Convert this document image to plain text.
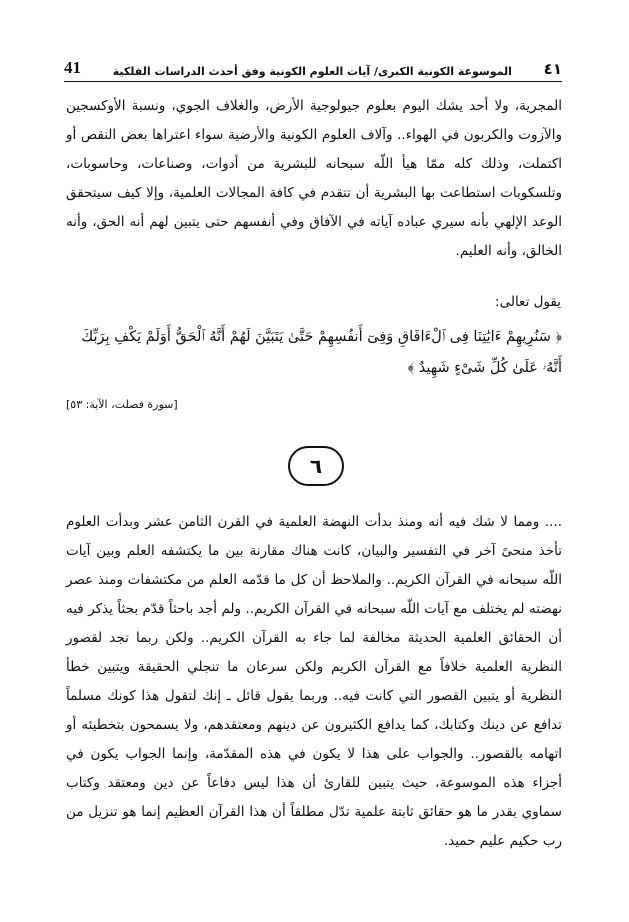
41	الموسوعة الكونية الكبرى/ آيات العلوم الكونية وفق أحدث الدراسات الفلكية ٤١

المجرية، ولا أحد يشك اليوم بعلوم جيولوجية الأرض، والغلاف الجوي، ونسبة الأوكسجين والآزوت والكربون في الهواء.. وآلاف العلوم الكونية والأرضية سواء اعتراها بعض النقص أو اكتملت، وذلك كله ممّا هيأ اللّه سبحانه للبشرية من أدوات، وصناعات، وحاسوبات، وتلسكوبات استطاعت بها البشرية أن تتقدم في كافة المجالات العلمية، وإلا كيف سيتحقق الوعد الإلهي بأنه سيري عباده آياته في الآفاق وفي أنفسهم حتى يتبين لهم أنه الحق، وأنه الخالق، وأنه العليم.

يقول تعالى:

﴿ سَنُرِيهِمْ ءَايَٰتِنَا فِى ٱلْءَافَاقِ وَفِىٓ أَنفُسِهِمْ حَتَّىٰ يَتَبَيَّنَ لَهُمْ أَنَّهُ ٱلْحَقُّ أَوَلَمْ يَكْفِ بِرَبِّكَ أَنَّهُۥ عَلَىٰ كُلِّ شَىْءٍ شَهِيدٌ ﴾

[سورة فصلت، الآية: ٥٣]

٦

.... ومما لا شك فيه أنه ومنذ بدأت النهضة العلمية في القرن الثامن عشر وبدأت العلوم تأخذ منحىً آخر في التفسير والبيان، كانت هناك مقارنة بين ما يكتشفه العلم وبين آيات اللّه سبحانه في القرآن الكريم.. والملاحظ أن كل ما قدّمه العلم من مكتشفات ومنذ عصر نهضته لم يختلف مع آيات اللّه سبحانه في القرآن الكريم.. ولم أجد باحثاً قدّم بحثاً يذكر فيه أن الحقائق العلمية الحديثة مخالفة لما جاء به القرآن الكريم.. ولكن ربما تجد لقصور النظرية العلمية خلافاً مع القرآن الكريم ولكن سرعان ما تنجلي الحقيقة ويتبين خطأ النظرية أو يتبين القصور التي كانت فيه.. وربما يقول قائل ـ إنك لتقول هذا كونك مسلماً تدافع عن دينك وكتابك، كما يدافع الكثيرون عن دينهم ومعتقدهم، ولا يسمحون بتخطيئه أو اتهامه بالقصور.. والجواب على هذا لا يكون في هذه المقدّمة، وإنما الجواب يكون في أجزاء هذه الموسوعة، حيث يتبين للقارئ أن هذا ليس دفاعاً عن دين ومعتقد وكتاب سماوي بقدر ما هو حقائق ثابتة علمية تدّل مطلقاً أن هذا القرآن العظيم إنما هو تنزيل من رب حكيم عليم حميد.
